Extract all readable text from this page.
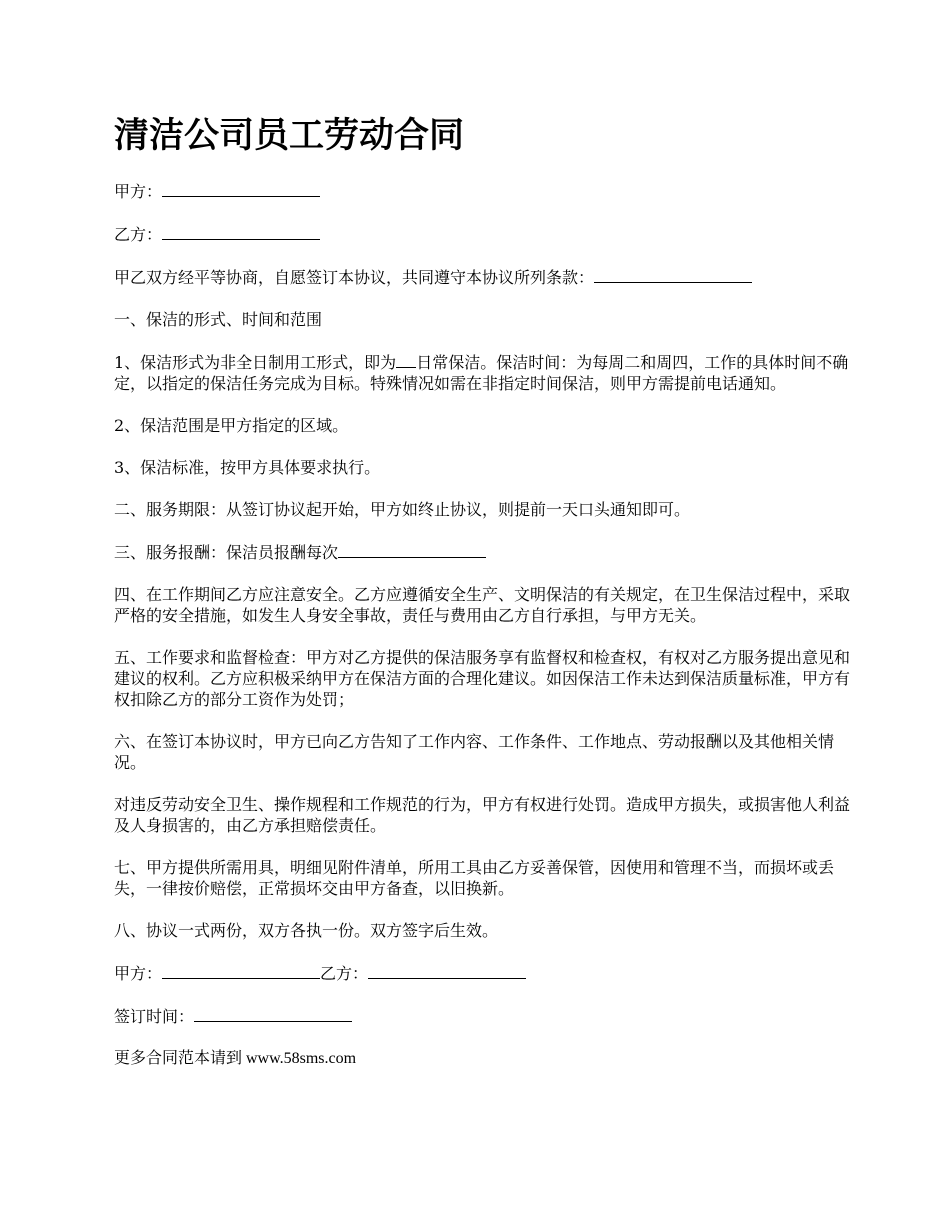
清洁公司员工劳动合同

甲方：

乙方：

甲乙双方经平等协商，自愿签订本协议，共同遵守本协议所列条款：

一、保洁的形式、时间和范围

1、保洁形式为非全日制用工形式，即为 日常保洁。保洁时间：为每周二和周四，工作的具体时间不确定，以指定的保洁任务完成为目标。特殊情况如需在非指定时间保洁，则甲方需提前电话通知。

2、保洁范围是甲方指定的区域。

3、保洁标准，按甲方具体要求执行。

二、服务期限：从签订协议起开始，甲方如终止协议，则提前一天口头通知即可。

三、服务报酬：保洁员报酬每次

四、在工作期间乙方应注意安全。乙方应遵循安全生产、文明保洁的有关规定，在卫生保洁过程中，采取严格的安全措施，如发生人身安全事故，责任与费用由乙方自行承担，与甲方无关。

五、工作要求和监督检查：甲方对乙方提供的保洁服务享有监督权和检查权，有权对乙方服务提出意见和建议的权利。乙方应积极采纳甲方在保洁方面的合理化建议。如因保洁工作未达到保洁质量标准，甲方有权扣除乙方的部分工资作为处罚；

六、在签订本协议时，甲方已向乙方告知了工作内容、工作条件、工作地点、劳动报酬以及其他相关情况。

对违反劳动安全卫生、操作规程和工作规范的行为，甲方有权进行处罚。造成甲方损失，或损害他人利益及人身损害的，由乙方承担赔偿责任。

七、甲方提供所需用具，明细见附件清单，所用工具由乙方妥善保管，因使用和管理不当，而损坏或丢失，一律按价赔偿，正常损坏交由甲方备查，以旧换新。

八、协议一式两份，双方各执一份。双方签字后生效。

甲方：	乙方：

签订时间：

更多合同范本请到 www.58sms.com
